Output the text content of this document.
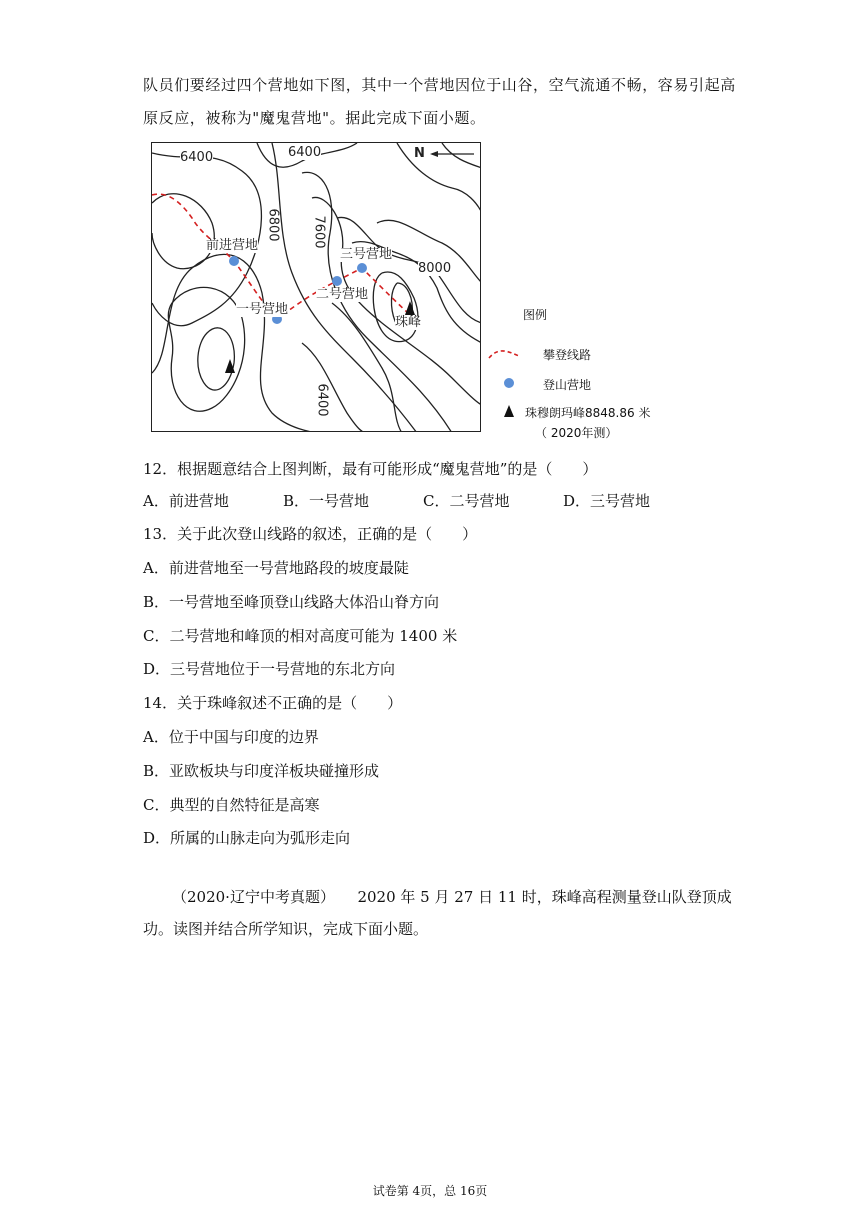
队员们要经过四个营地如下图，其中一个营地因位于山谷，空气流通不畅，容易引起高
原反应，被称为"魔鬼营地"。据此完成下面小题。
6400	6400
6800 7600
8000
6400
N
前进营地
一号营地
二号营地
三号营地
珠峰	图例
攀登线路
登山营地
珠穆朗玛峰8848.86 米
（ 2020年测）
12．根据题意结合上图判断，最有可能形成“魔鬼营地”的是（　　）
A．前进营地	B．一号营地	C．二号营地	D．三号营地
13．关于此次登山线路的叙述，正确的是（　　）
A．前进营地至一号营地路段的坡度最陡
B．一号营地至峰顶登山线路大体沿山脊方向
C．二号营地和峰顶的相对高度可能为 1400 米
D．三号营地位于一号营地的东北方向
14．关于珠峰叙述不正确的是（　　）
A．位于中国与印度的边界
B．亚欧板块与印度洋板块碰撞形成
C．典型的自然特征是高寒
D．所属的山脉走向为弧形走向
（2020·辽宁中考真题）　　2020 年 5 月 27 日 11 时，珠峰高程测量登山队登顶成
功。读图并结合所学知识，完成下面小题。
试卷第 4页，总 16页
